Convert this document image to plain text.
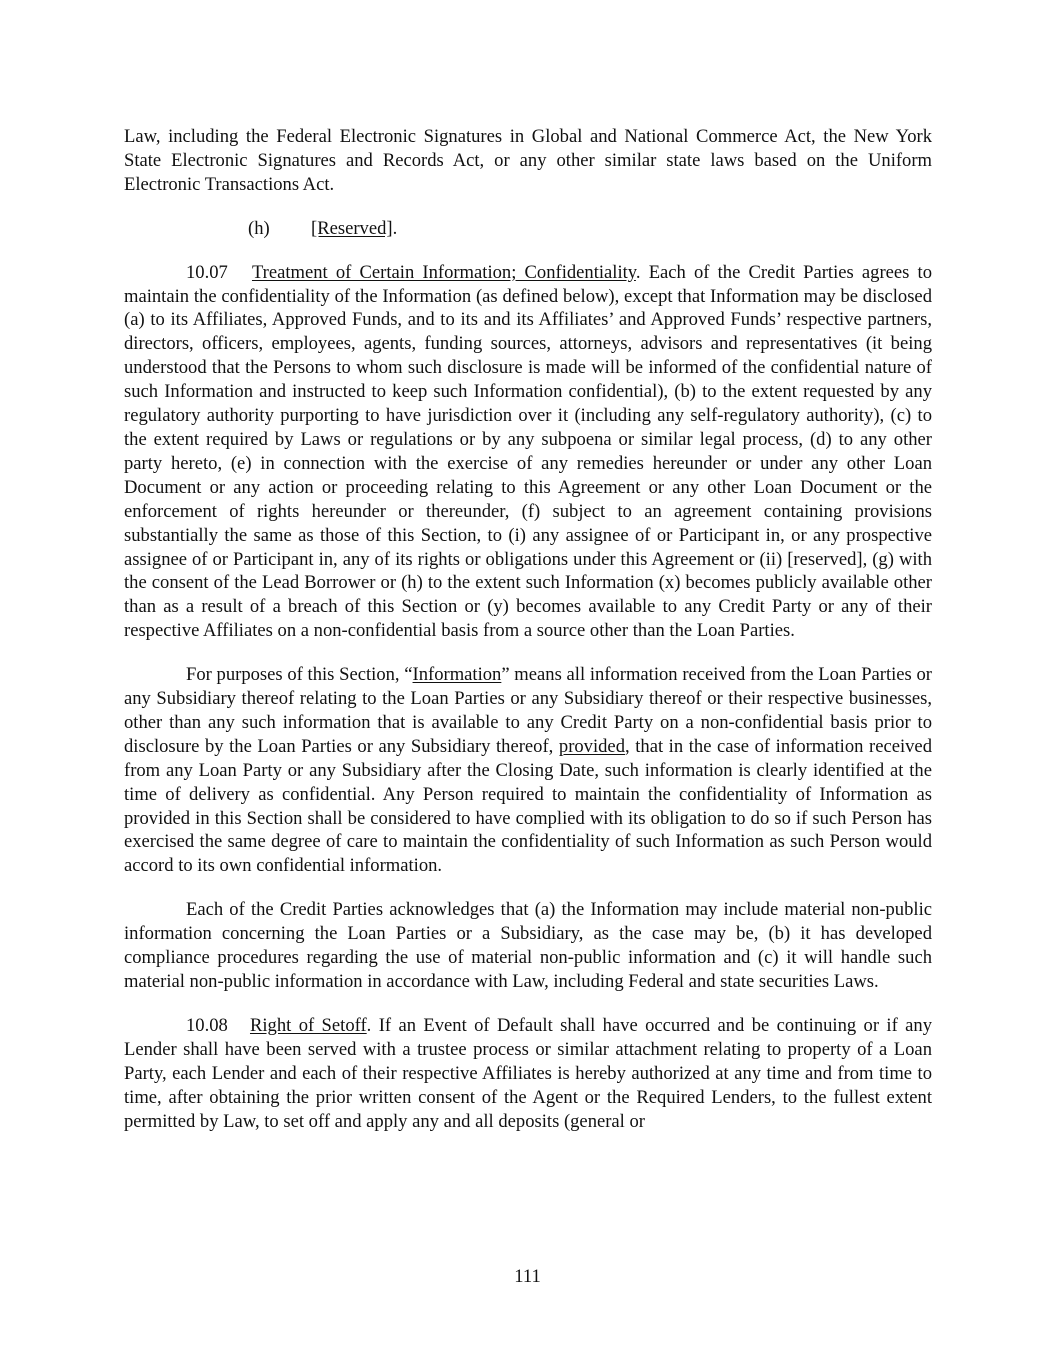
Law, including the Federal Electronic Signatures in Global and National Commerce Act, the New York State Electronic Signatures and Records Act, or any other similar state laws based on the Uniform Electronic Transactions Act.

(h) [Reserved].

10.07 Treatment of Certain Information; Confidentiality. Each of the Credit Parties agrees to maintain the confidentiality of the Information (as defined below), except that Information may be disclosed (a) to its Affiliates, Approved Funds, and to its and its Affiliates’ and Approved Funds’ respective partners, directors, officers, employees, agents, funding sources, attorneys, advisors and representatives (it being understood that the Persons to whom such disclosure is made will be informed of the confidential nature of such Information and instructed to keep such Information confidential), (b) to the extent requested by any regulatory authority purporting to have jurisdiction over it (including any self-regulatory authority), (c) to the extent required by Laws or regulations or by any subpoena or similar legal process, (d) to any other party hereto, (e) in connection with the exercise of any remedies hereunder or under any other Loan Document or any action or proceeding relating to this Agreement or any other Loan Document or the enforcement of rights hereunder or thereunder, (f) subject to an agreement containing provisions substantially the same as those of this Section, to (i) any assignee of or Participant in, or any prospective assignee of or Participant in, any of its rights or obligations under this Agreement or (ii) [reserved], (g) with the consent of the Lead Borrower or (h) to the extent such Information (x) becomes publicly available other than as a result of a breach of this Section or (y) becomes available to any Credit Party or any of their respective Affiliates on a non-confidential basis from a source other than the Loan Parties.

For purposes of this Section, “Information” means all information received from the Loan Parties or any Subsidiary thereof relating to the Loan Parties or any Subsidiary thereof or their respective businesses, other than any such information that is available to any Credit Party on a non-confidential basis prior to disclosure by the Loan Parties or any Subsidiary thereof, provided, that in the case of information received from any Loan Party or any Subsidiary after the Closing Date, such information is clearly identified at the time of delivery as confidential. Any Person required to maintain the confidentiality of Information as provided in this Section shall be considered to have complied with its obligation to do so if such Person has exercised the same degree of care to maintain the confidentiality of such Information as such Person would accord to its own confidential information.

Each of the Credit Parties acknowledges that (a) the Information may include material non-public information concerning the Loan Parties or a Subsidiary, as the case may be, (b) it has developed compliance procedures regarding the use of material non-public information and (c) it will handle such material non-public information in accordance with Law, including Federal and state securities Laws.

10.08 Right of Setoff. If an Event of Default shall have occurred and be continuing or if any Lender shall have been served with a trustee process or similar attachment relating to property of a Loan Party, each Lender and each of their respective Affiliates is hereby authorized at any time and from time to time, after obtaining the prior written consent of the Agent or the Required Lenders, to the fullest extent permitted by Law, to set off and apply any and all deposits (general or

111
